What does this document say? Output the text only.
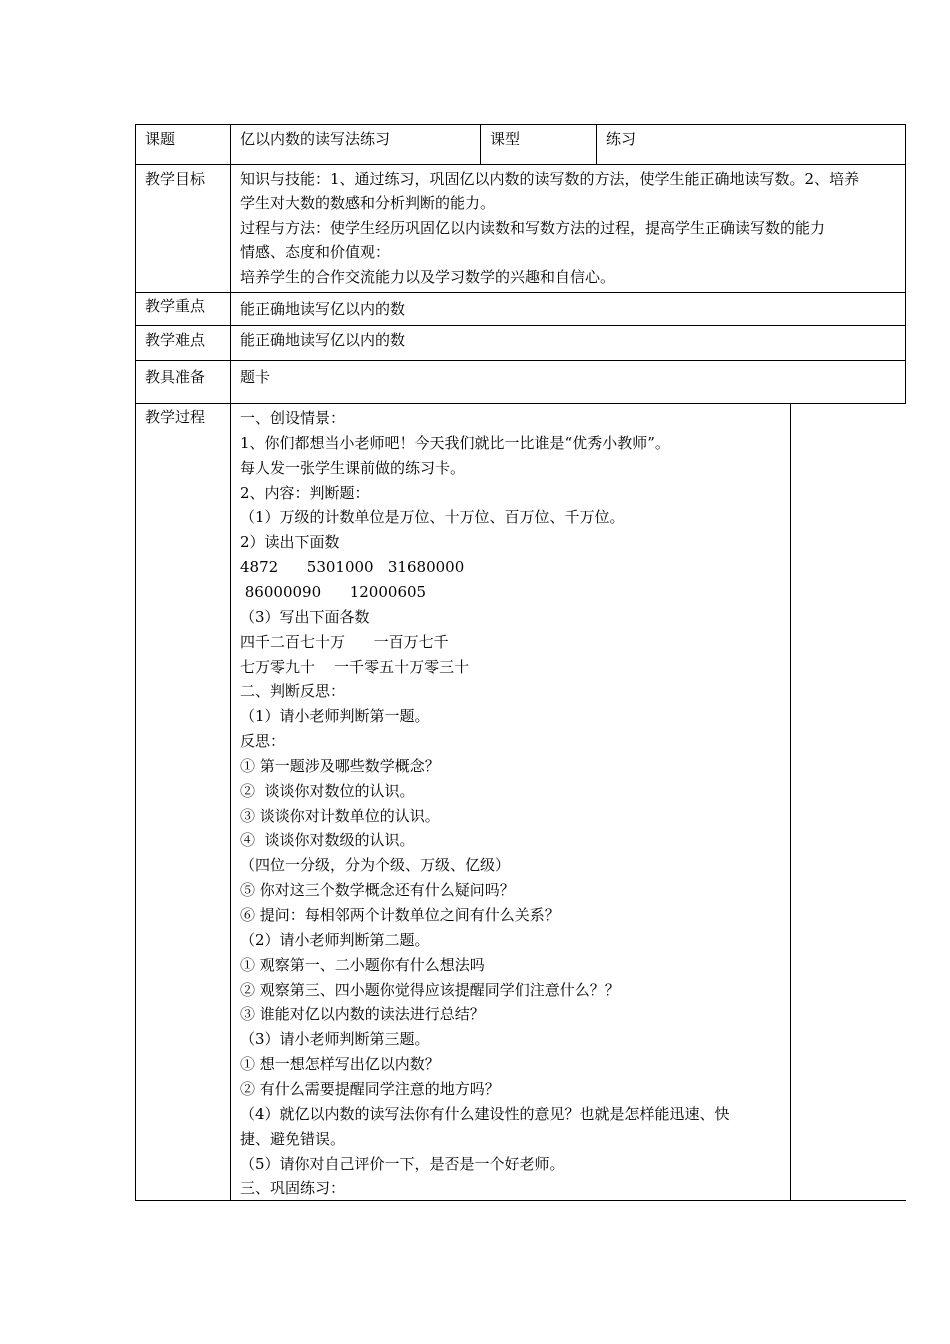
课题	亿以内数的读写法练习	课型	练习
教学目标 知识与技能：1、通过练习，巩固亿以内数的读写数的方法，使学生能正确地读写数。2、培养
学生对大数的数感和分析判断的能力。
过程与方法：使学生经历巩固亿以内读数和写数方法的过程，提高学生正确读写数的能力
情感、态度和价值观：
培养学生的合作交流能力以及学习数学的兴趣和自信心。
教学重点 能正确地读写亿以内的数
教学难点 能正确地读写亿以内的数
教具准备 题卡
教学过程 一、创设情景：
1、你们都想当小老师吧！今天我们就比一比谁是“优秀小教师”。
每人发一张学生课前做的练习卡。
2、内容：判断题：
（1）万级的计数单位是万位、十万位、百万位、千万位。
2）读出下面数
4872      5301000   31680000
86000090      12000605
（3）写出下面各数
四千二百七十万      一百万七千
七万零九十    一千零五十万零三十
二、判断反思：
（1）请小老师判断第一题。
反思：
① 第一题涉及哪些数学概念？
②  谈谈你对数位的认识。
③ 谈谈你对计数单位的认识。
④  谈谈你对数级的认识。
（四位一分级，分为个级、万级、亿级）
⑤ 你对这三个数学概念还有什么疑问吗？
⑥ 提问：每相邻两个计数单位之间有什么关系？
（2）请小老师判断第二题。
① 观察第一、二小题你有什么想法吗
② 观察第三、四小题你觉得应该提醒同学们注意什么？？
③ 谁能对亿以内数的读法进行总结？
（3）请小老师判断第三题。
① 想一想怎样写出亿以内数？
② 有什么需要提醒同学注意的地方吗？
（4）就亿以内数的读写法你有什么建设性的意见？也就是怎样能迅速、快
捷、避免错误。
（5）请你对自己评价一下，是否是一个好老师。
三、巩固练习：
